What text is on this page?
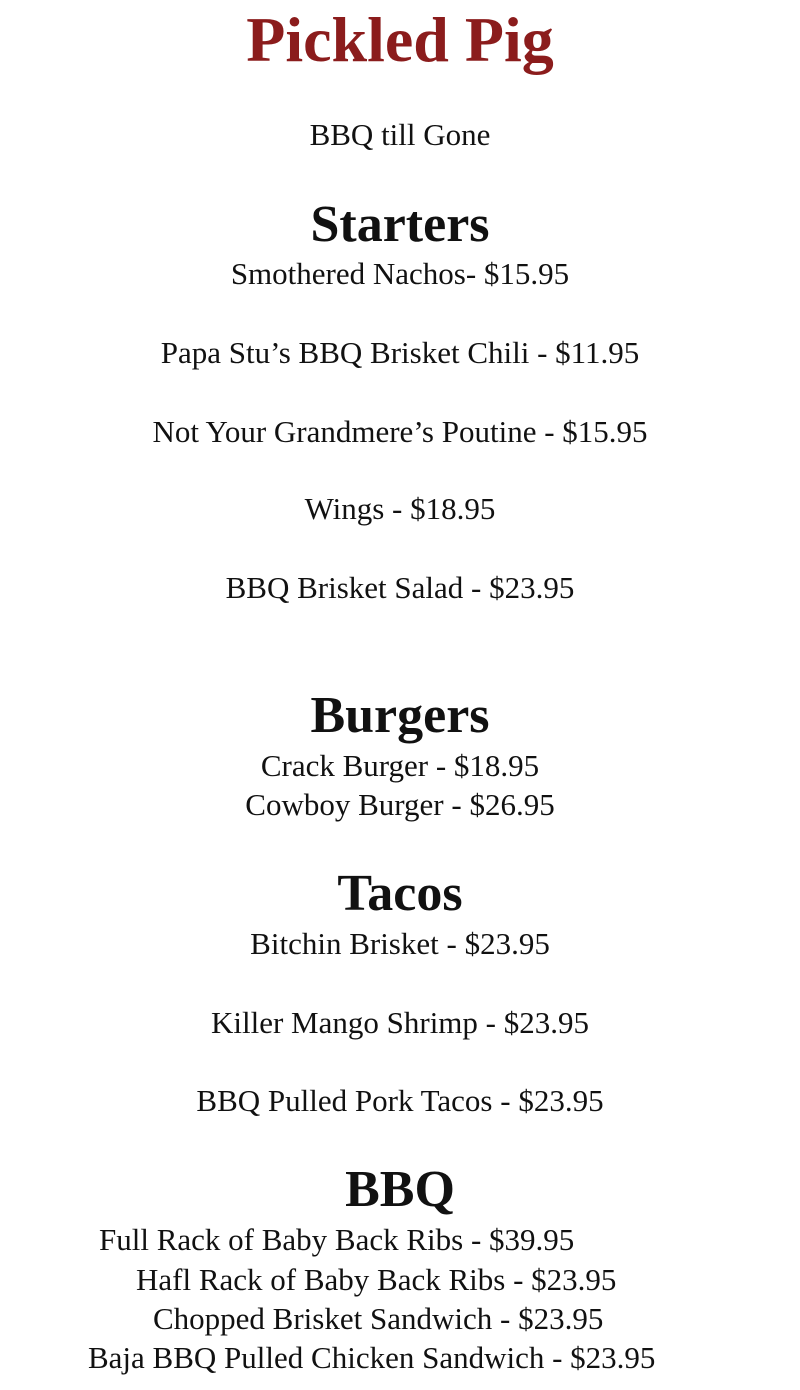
Pickled Pig
BBQ till Gone
Starters
Smothered Nachos- $15.95
Papa Stu’s BBQ Brisket Chili - $11.95
Not Your Grandmere’s Poutine - $15.95
Wings - $18.95
BBQ Brisket Salad - $23.95
Burgers
Crack Burger - $18.95
Cowboy Burger - $26.95
Tacos
Bitchin Brisket - $23.95
Killer Mango Shrimp - $23.95
BBQ Pulled Pork Tacos - $23.95
BBQ
Full Rack of Baby Back Ribs - $39.95
Hafl Rack of Baby Back Ribs - $23.95
Chopped Brisket Sandwich - $23.95
Baja BBQ Pulled Chicken Sandwich - $23.95
